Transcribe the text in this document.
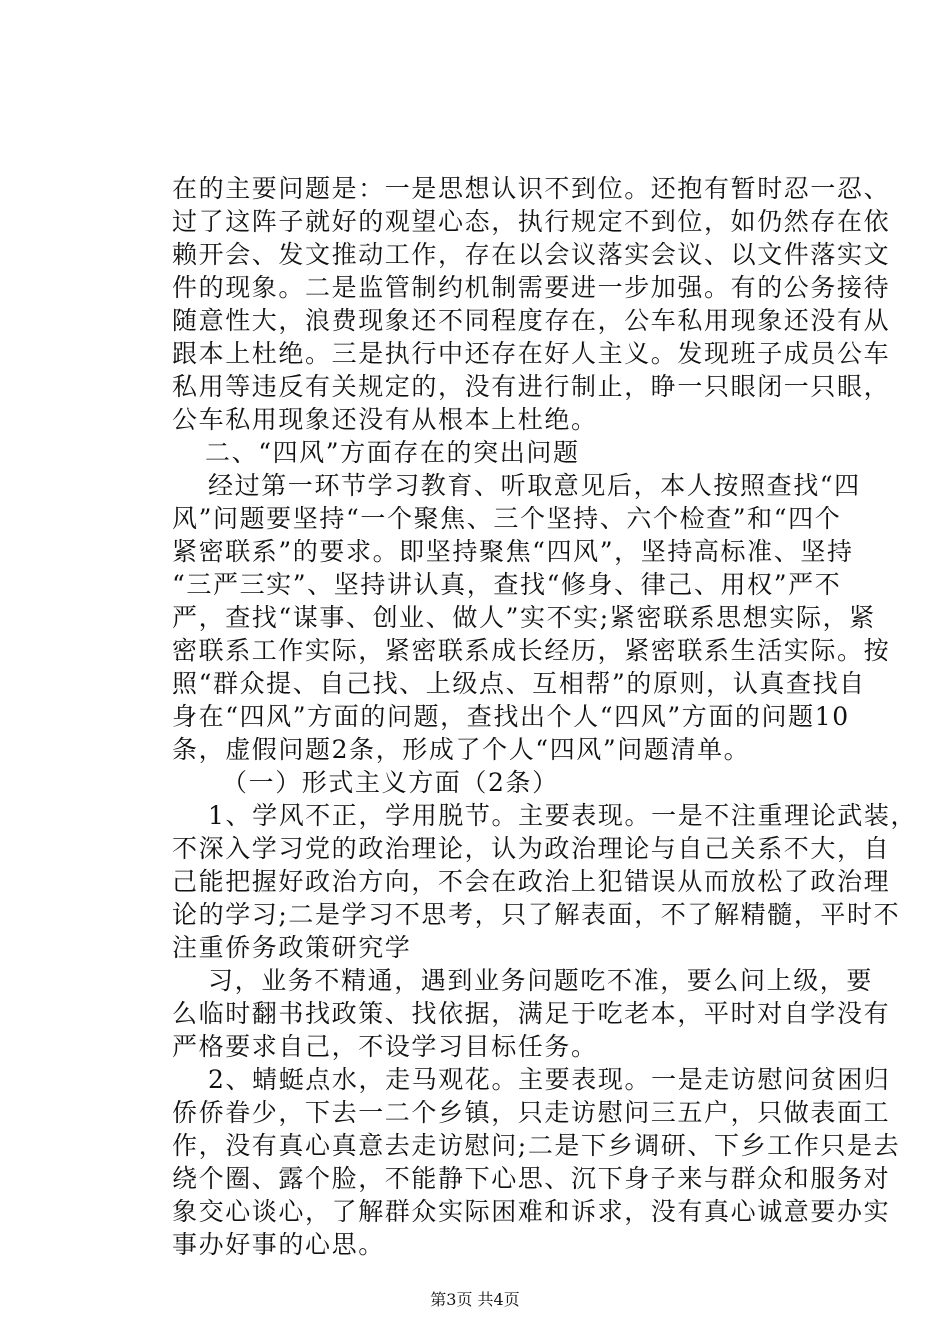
在的主要问题是：一是思想认识不到位。还抱有暂时忍一忍、
过了这阵子就好的观望心态，执行规定不到位，如仍然存在依
赖开会、发文推动工作，存在以会议落实会议、以文件落实文
件的现象。二是监管制约机制需要进一步加强。有的公务接待
随意性大，浪费现象还不同程度存在，公车私用现象还没有从
跟本上杜绝。三是执行中还存在好人主义。发现班子成员公车
私用等违反有关规定的，没有进行制止，睁一只眼闭一只眼，
公车私用现象还没有从根本上杜绝。
二、“四风”方面存在的突出问题
经过第一环节学习教育、听取意见后，本人按照查找“四
风”问题要坚持“一个聚焦、三个坚持、六个检查”和“四个
紧密联系”的要求。即坚持聚焦“四风”，坚持高标准、坚持
“三严三实”、坚持讲认真，查找“修身、律己、用权”严不
严，查找“谋事、创业、做人”实不实;紧密联系思想实际，紧
密联系工作实际，紧密联系成长经历，紧密联系生活实际。按
照“群众提、自己找、上级点、互相帮”的原则，认真查找自
身在“四风”方面的问题，查找出个人“四风”方面的问题10
条，虚假问题2条，形成了个人“四风”问题清单。
（一）形式主义方面（2条）
1、学风不正，学用脱节。主要表现。一是不注重理论武装，
不深入学习党的政治理论，认为政治理论与自己关系不大，自
己能把握好政治方向，不会在政治上犯错误从而放松了政治理
论的学习;二是学习不思考，只了解表面，不了解精髓，平时不
注重侨务政策研究学
习，业务不精通，遇到业务问题吃不准，要么问上级，要
么临时翻书找政策、找依据，满足于吃老本，平时对自学没有
严格要求自己，不设学习目标任务。
2、蜻蜓点水，走马观花。主要表现。一是走访慰问贫困归
侨侨眷少，下去一二个乡镇，只走访慰问三五户，只做表面工
作，没有真心真意去走访慰问;二是下乡调研、下乡工作只是去
绕个圈、露个脸，不能静下心思、沉下身子来与群众和服务对
象交心谈心，了解群众实际困难和诉求，没有真心诚意要办实
事办好事的心思。
第3页 共4页
